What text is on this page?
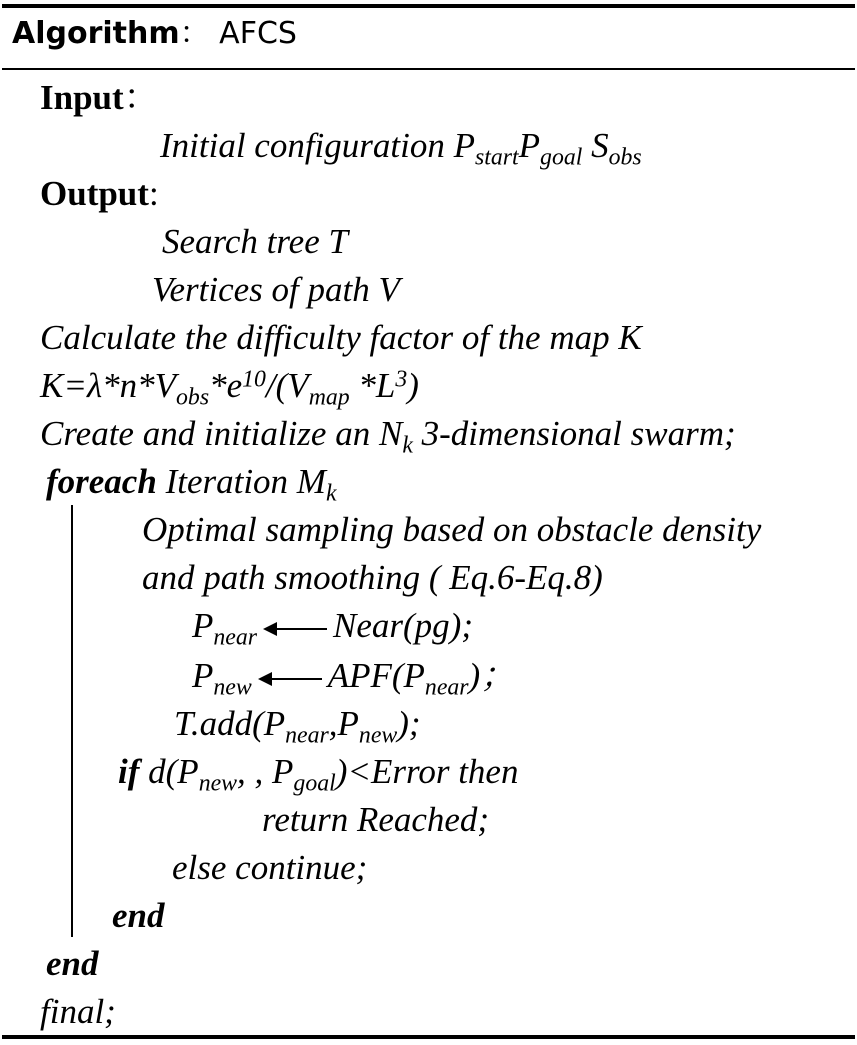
Algorithm： AFCS
Input：
Initial configuration $P_{start}P_{goal}$ $S_{obs}$
Output:
Search tree T
Vertices of path V
Calculate the difficulty factor of the map K
$K=\lambda*n*V_{obs}*e^{10}/(V_{map}$ $*L^3$)
Create and initialize an $N_k$ 3-dimensional swarm;
foreach Iteration $M_k$
Optimal sampling based on obstacle density
and path smoothing ( Eq.6-Eq.8)
$P_{near}$ Near(pg);
$P_{new}$ $APF(P_{near})$；
$T.add(P_{near},P_{new})$;
if $d(P_{new}$, , $P_{goal})<Error$ then
return Reached;
else continue;
end
end
final;
